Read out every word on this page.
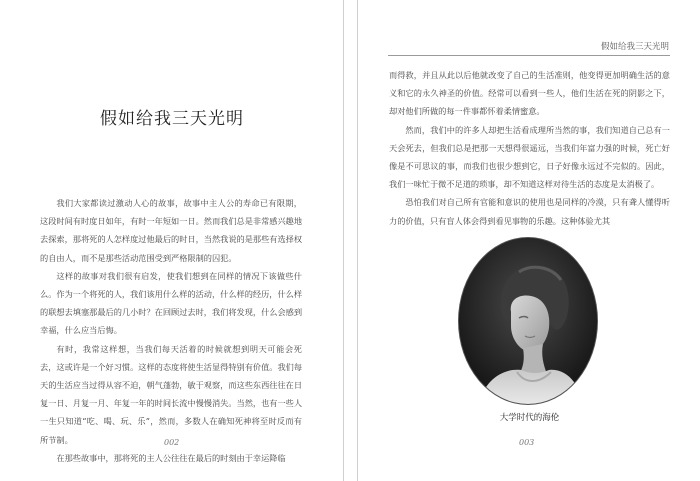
假如给我三天光明

我们大家都读过激动人心的故事，故事中主人公的寿命已有限期，这段时间有时度日如年，有时一年短如一日。然而我们总是非常感兴趣地去探索，那将死的人怎样度过他最后的时日，当然我说的是那些有选择权的自由人，而不是那些活动范围受到严格限制的囚犯。

这样的故事对我们很有启发，使我们想到在同样的情况下该做些什么。作为一个将死的人，我们该用什么样的活动，什么样的经历，什么样的联想去填塞那最后的几小时？在回顾过去时，我们将发现，什么会感到幸福，什么应当后悔。

有时，我常这样想，当我们每天活着的时候就想到明天可能会死去，这或许是一个好习惯。这样的态度将使生活显得特别有价值。我们每天的生活应当过得从容不迫，朝气蓬勃，敏于观察，而这些东西往往在日复一日、月复一月、年复一年的时间长流中慢慢消失。当然，也有一些人一生只知道“吃、喝、玩、乐”，然而，多数人在确知死神将至时反而有所节制。

在那些故事中，那将死的主人公往往在最后的时刻由于幸运降临

002
假如给我三天光明

而得救，并且从此以后他就改变了自己的生活准则，他变得更加明确生活的意义和它的永久神圣的价值。经常可以看到一些人，他们生活在死的阴影之下，却对他们所做的每一件事都怀着柔情蜜意。

然而，我们中的许多人却把生活看成理所当然的事，我们知道自己总有一天会死去，但我们总是把那一天想得很遥远，当我们年富力强的时候，死亡好像是不可思议的事，而我们也很少想到它，日子好像永远过不完似的。因此，我们一味忙于微不足道的琐事，却不知道这样对待生活的态度是太消极了。

恐怕我们对自己所有官能和意识的使用也是同样的冷漠，只有聋人懂得听力的价值，只有盲人体会得到看见事物的乐趣。这种体验尤其

大学时代的海伦
003
